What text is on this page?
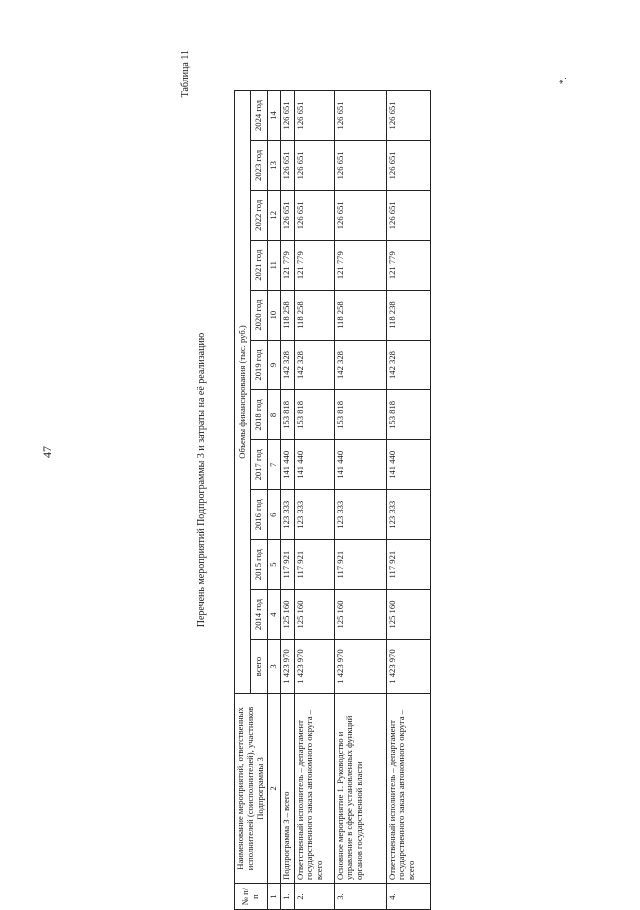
47
Таблица 11
Перечень мероприятий Подпрограммы 3 и затраты на её реализацию
№ п/п	Наименование мероприятий, ответственных исполнителей (соисполнителей), участников Подпрограммы 3	Объемы финансирования (тыс. руб.)											
		всего	2014 год	2015 год	2016 год	2017 год	2018 год	2019 год	2020 год	2021 год	2022 год	2023 год	2024 год
1	2	3	4	5	6	7	8	9	10	11	12	13	14
1.	Подпрограмма 3 – всего	1 423 970	125 160	117 921	123 333	141 440	153 818	142 328	118 258	121 779	126 651	126 651	126 651
2.	Ответственный исполнитель – департамент государственного заказа автономного округа – всего	1 423 970	125 160	117 921	123 333	141 440	153 818	142 328	118 258	121 779	126 651	126 651	126 651
3.	Основное мероприятие 1. Руководство и управление в сфере установленных функций органов государственной власти	1 423 970	125 160	117 921	123 333	141 440	153 818	142 328	118 258	121 779	126 651	126 651	126 651
4.	Ответственный исполнитель – департамент государственного заказа автономного округа – всего	1 423 970	125 160	117 921	123 333	141 440	153 818	142 328	118 238	121 779	126 651	126 651	126 651
*.
